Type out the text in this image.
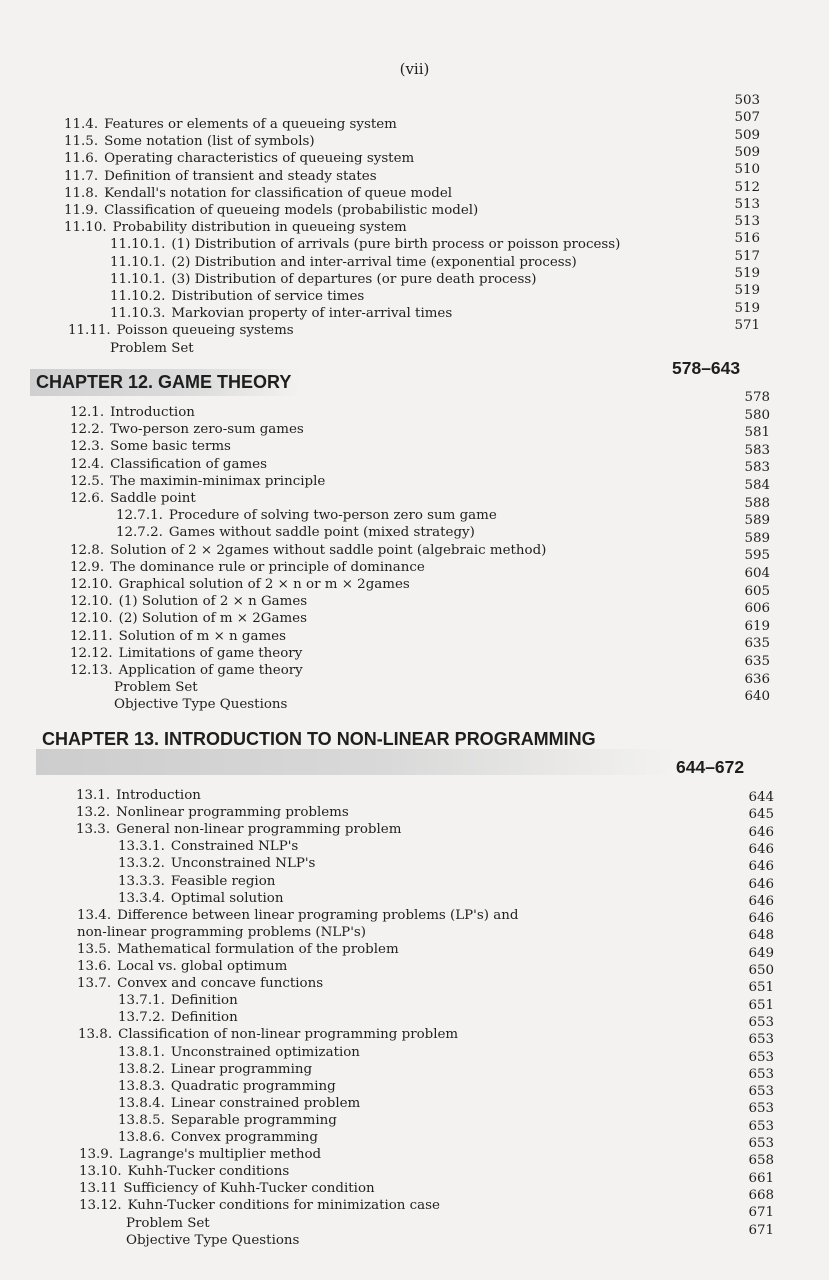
(vii)
11.4. Features or elements of a queueing system
11.5. Some notation (list of symbols)
11.6. Operating characteristics of queueing system
11.7. Definition of transient and steady states
11.8. Kendall's notation for classification of queue model
11.9. Classification of queueing models (probabilistic model)
11.10. Probability distribution in queueing system
11.10.1. (1) Distribution of arrivals (pure birth process or poisson process)
11.10.1. (2) Distribution and inter-arrival time (exponential process)
11.10.1. (3) Distribution of departures (or pure death process)
11.10.2. Distribution of service times
11.10.3. Markovian property of inter-arrival times
11.11. Poisson queueing systems
Problem Set
503
507
509
509
510
512
513
513
516
517
519
519
519
571
CHAPTER 12. GAME THEORY
578–643
12.1. Introduction
12.2. Two-person zero-sum games
12.3. Some basic terms
12.4. Classification of games
12.5. The maximin-minimax principle
12.6. Saddle point
12.7.1. Procedure of solving two-person zero sum game
12.7.2. Games without saddle point (mixed strategy)
12.8. Solution of 2 × 2games without saddle point (algebraic method)
12.9. The dominance rule or principle of dominance
12.10. Graphical solution of 2 × n or m × 2games
12.10. (1) Solution of 2 × n Games
12.10. (2) Solution of m × 2Games
12.11. Solution of m × n games
12.12. Limitations of game theory
12.13. Application of game theory
Problem Set
Objective Type Questions
578
580
581
583
583
584
588
589
589
595
604
605
606
619
635
635
636
640
CHAPTER 13. INTRODUCTION TO NON-LINEAR PROGRAMMING
644–672
13.1. Introduction
13.2. Nonlinear programming problems
13.3. General non-linear programming problem
13.3.1. Constrained NLP's
13.3.2. Unconstrained NLP's
13.3.3. Feasible region
13.3.4. Optimal solution
13.4. Difference between linear programing problems (LP's) and
non-linear programming problems (NLP's)
13.5. Mathematical formulation of the problem
13.6. Local vs. global optimum
13.7. Convex and concave functions
13.7.1. Definition
13.7.2. Definition
13.8. Classification of non-linear programming problem
13.8.1. Unconstrained optimization
13.8.2. Linear programming
13.8.3. Quadratic programming
13.8.4. Linear constrained problem
13.8.5. Separable programming
13.8.6. Convex programming
13.9. Lagrange's multiplier method
13.10. Kuhh-Tucker conditions
13.11 Sufficiency of Kuhh-Tucker condition
13.12. Kuhn-Tucker conditions for minimization case
Problem Set
Objective Type Questions
644
645
646
646
646
646
646
646
648
649
650
651
651
653
653
653
653
653
653
653
653
658
661
668
671
671
